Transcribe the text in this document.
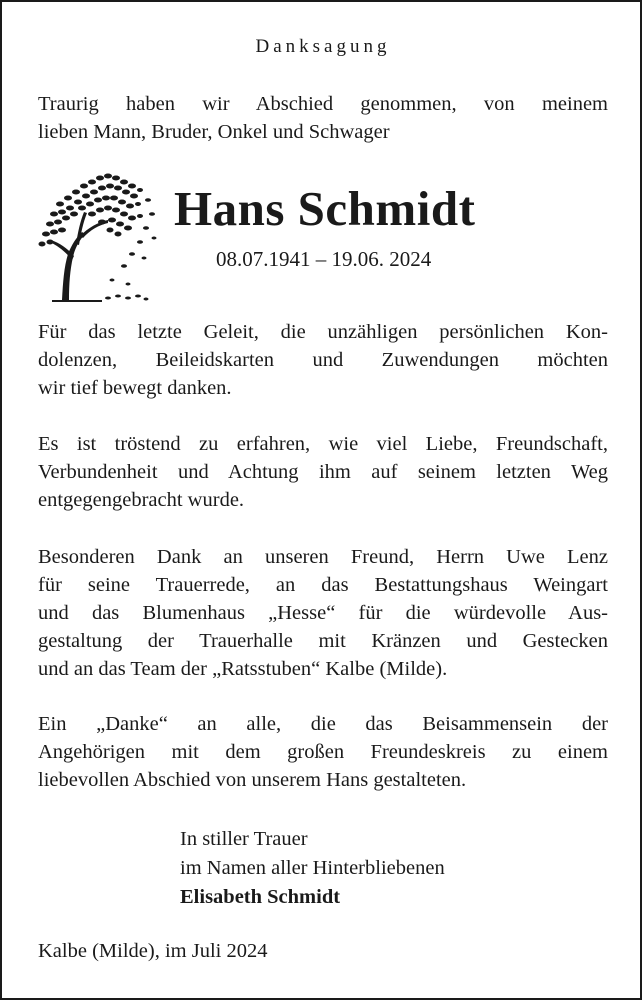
Danksagung
Traurig haben wir Abschied genommen, von meinem
lieben Mann, Bruder, Onkel und Schwager
Hans Schmidt
08.07.1941 – 19.06. 2024
Für das letzte Geleit, die unzähligen persönlichen Kon-
dolenzen, Beileidskarten und Zuwendungen möchten
wir tief bewegt danken.
Es ist tröstend zu erfahren, wie viel Liebe, Freundschaft,
Verbundenheit und Achtung ihm auf seinem letzten Weg
entgegengebracht wurde.
Besonderen Dank an unseren Freund, Herrn Uwe Lenz
für seine Trauerrede, an das Bestattungshaus Weingart
und das Blumenhaus „Hesse“ für die würdevolle Aus-
gestaltung der Trauerhalle mit Kränzen und Gestecken
und an das Team der „Ratsstuben“ Kalbe (Milde).
Ein „Danke“ an alle, die das Beisammensein der
Angehörigen mit dem großen Freundeskreis zu einem
liebevollen Abschied von unserem Hans gestalteten.
In stiller Trauer
im Namen aller Hinterbliebenen
Elisabeth Schmidt
Kalbe (Milde), im Juli 2024
